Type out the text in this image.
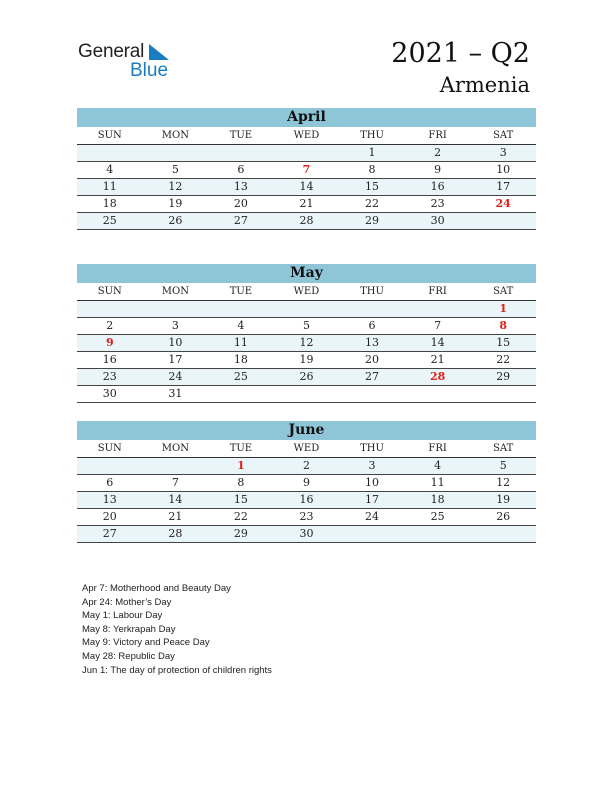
General
Blue
2021 – Q2
Armenia
April
SUN	MON	TUE	WED	THU	FRI	SAT
				1	2	3
4	5	6	7	8	9	10
11	12	13	14	15	16	17
18	19	20	21	22	23	24
25	26	27	28	29	30	
May
SUN	MON	TUE	WED	THU	FRI	SAT
						1
2	3	4	5	6	7	8
9	10	11	12	13	14	15
16	17	18	19	20	21	22
23	24	25	26	27	28	29
30	31					
June
SUN	MON	TUE	WED	THU	FRI	SAT
		1	2	3	4	5
6	7	8	9	10	11	12
13	14	15	16	17	18	19
20	21	22	23	24	25	26
27	28	29	30			
Apr 7: Motherhood and Beauty Day
Apr 24: Mother’s Day
May 1: Labour Day
May 8: Yerkrapah Day
May 9: Victory and Peace Day
May 28: Republic Day
Jun 1: The day of protection of children rights
